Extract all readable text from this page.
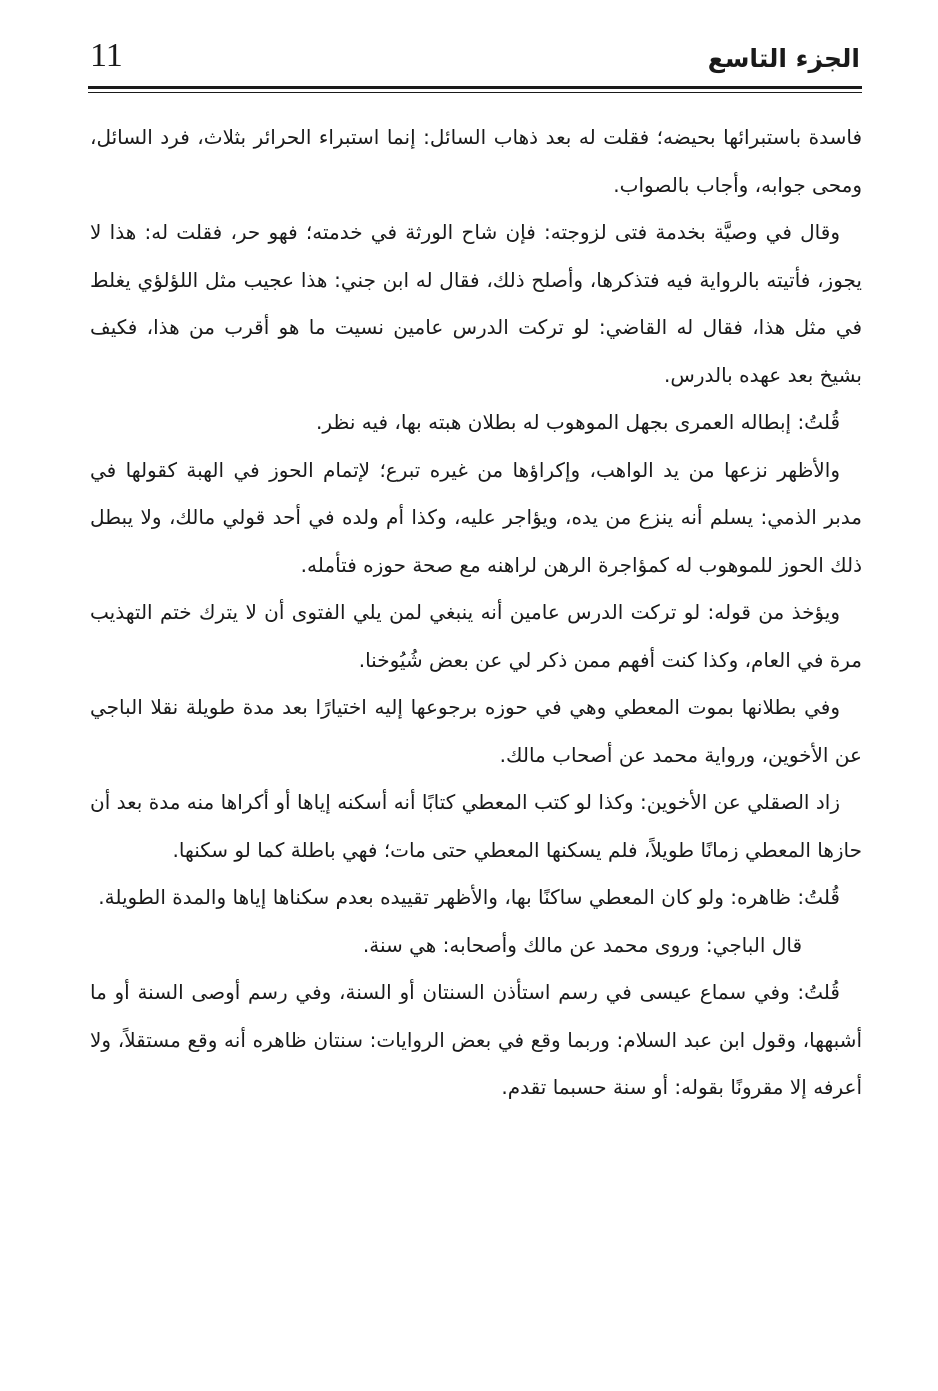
11	الجزء التاسع

فاسدة باستبرائها بحيضه؛ فقلت له بعد ذهاب السائل: إنما استبراء الحرائر بثلاث، فرد السائل، ومحى جوابه، وأجاب بالصواب.

وقال في وصيَّة بخدمة فتى لزوجته: فإن شاح الورثة في خدمته؛ فهو حر، فقلت له: هذا لا يجوز، فأتيته بالرواية فيه فتذكرها، وأصلح ذلك، فقال له ابن جني: هذا عجيب مثل اللؤلؤي يغلط في مثل هذا، فقال له القاضي: لو تركت الدرس عامين نسيت ما هو أقرب من هذا، فكيف بشيخ بعد عهده بالدرس.

قُلتُ: إبطاله العمرى بجهل الموهوب له بطلان هبته بها، فيه نظر.

والأظهر نزعها من يد الواهب، وإكراؤها من غيره تبرع؛ لإتمام الحوز في الهبة كقولها في مدبر الذمي: يسلم أنه ينزع من يده، ويؤاجر عليه، وكذا أم ولده في أحد قولي مالك، ولا يبطل ذلك الحوز للموهوب له كمؤاجرة الرهن لراهنه مع صحة حوزه فتأمله.

ويؤخذ من قوله: لو تركت الدرس عامين أنه ينبغي لمن يلي الفتوى أن لا يترك ختم التهذيب مرة في العام، وكذا كنت أفهم ممن ذكر لي عن بعض شُيُوخنا.

وفي بطلانها بموت المعطي وهي في حوزه برجوعها إليه اختيارًا بعد مدة طويلة نقلا الباجي عن الأخوين، ورواية محمد عن أصحاب مالك.

زاد الصقلي عن الأخوين: وكذا لو كتب المعطي كتابًا أنه أسكنه إياها أو أكراها منه مدة بعد أن حازها المعطي زمانًا طويلاً، فلم يسكنها المعطي حتى مات؛ فهي باطلة كما لو سكنها.

قُلتُ: ظاهره: ولو كان المعطي ساكنًا بها، والأظهر تقييده بعدم سكناها إياها والمدة الطويلة.

قال الباجي: وروى محمد عن مالك وأصحابه: هي سنة.

قُلتُ: وفي سماع عيسى في رسم استأذن السنتان أو السنة، وفي رسم أوصى السنة أو ما أشبهها، وقول ابن عبد السلام: وربما وقع في بعض الروايات: سنتان ظاهره أنه وقع مستقلاً، ولا أعرفه إلا مقرونًا بقوله: أو سنة حسبما تقدم.
